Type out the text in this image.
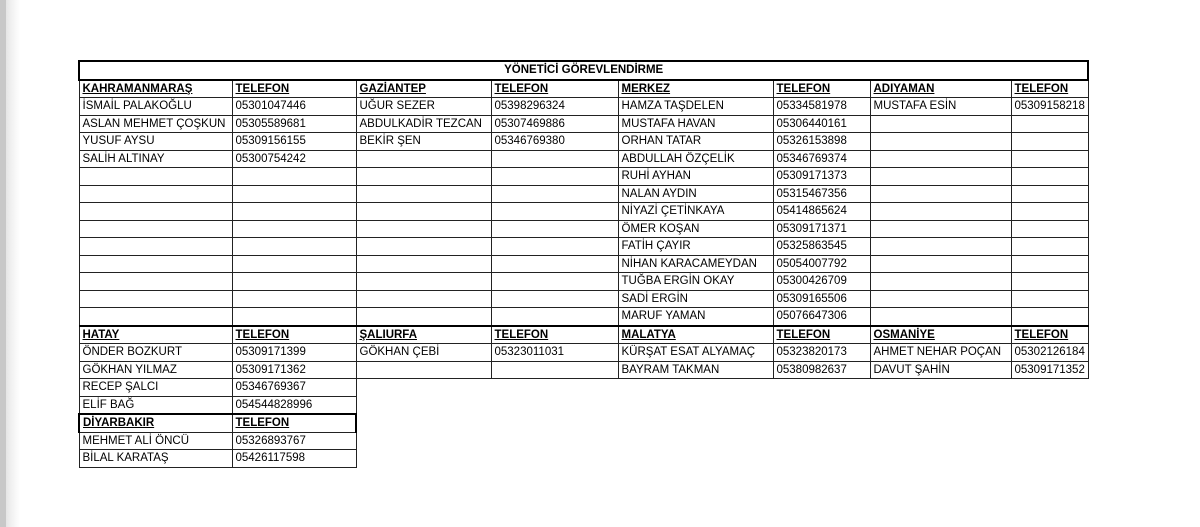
YÖNETİCİ GÖREVLENDİRME							
KAHRAMANMARAŞ	TELEFON	GAZİANTEP	TELEFON	MERKEZ	TELEFON	ADIYAMAN	TELEFON
İSMAİL PALAKOĞLU	05301047446	UĞUR SEZER	05398296324	HAMZA TAŞDELEN	05334581978	MUSTAFA ESİN	05309158218
ASLAN MEHMET ÇOŞKUN	05305589681	ABDULKADİR TEZCAN	05307469886	MUSTAFA HAVAN	05306440161		
YUSUF AYSU	05309156155	BEKİR ŞEN	05346769380	ORHAN TATAR	05326153898		
SALİH ALTINAY	05300754242			ABDULLAH ÖZÇELİK	05346769374		
				RUHİ AYHAN	05309171373		
				NALAN AYDIN	05315467356		
				NİYAZİ ÇETİNKAYA	05414865624		
				ÖMER KOŞAN	05309171371		
				FATİH ÇAYIR	05325863545		
				NİHAN KARACAMEYDAN	05054007792		
				TUĞBA ERGİN OKAY	05300426709		
				SADİ ERGİN	05309165506		
				MARUF YAMAN	05076647306		
HATAY	TELEFON	ŞALIURFA	TELEFON	MALATYA	TELEFON	OSMANİYE	TELEFON
ÖNDER BOZKURT	05309171399	GÖKHAN ÇEBİ	05323011031	KÜRŞAT ESAT ALYAMAÇ	05323820173	AHMET NEHAR POÇAN	05302126184
GÖKHAN YILMAZ	05309171362			BAYRAM TAKMAN	05380982637	DAVUT ŞAHİN	05309171352
RECEP ŞALCI	05346769367						
ELİF BAĞ	054544828996						
DİYARBAKIR	TELEFON						
MEHMET ALİ ÖNCÜ	05326893767						
BİLAL KARATAŞ	05426117598						
